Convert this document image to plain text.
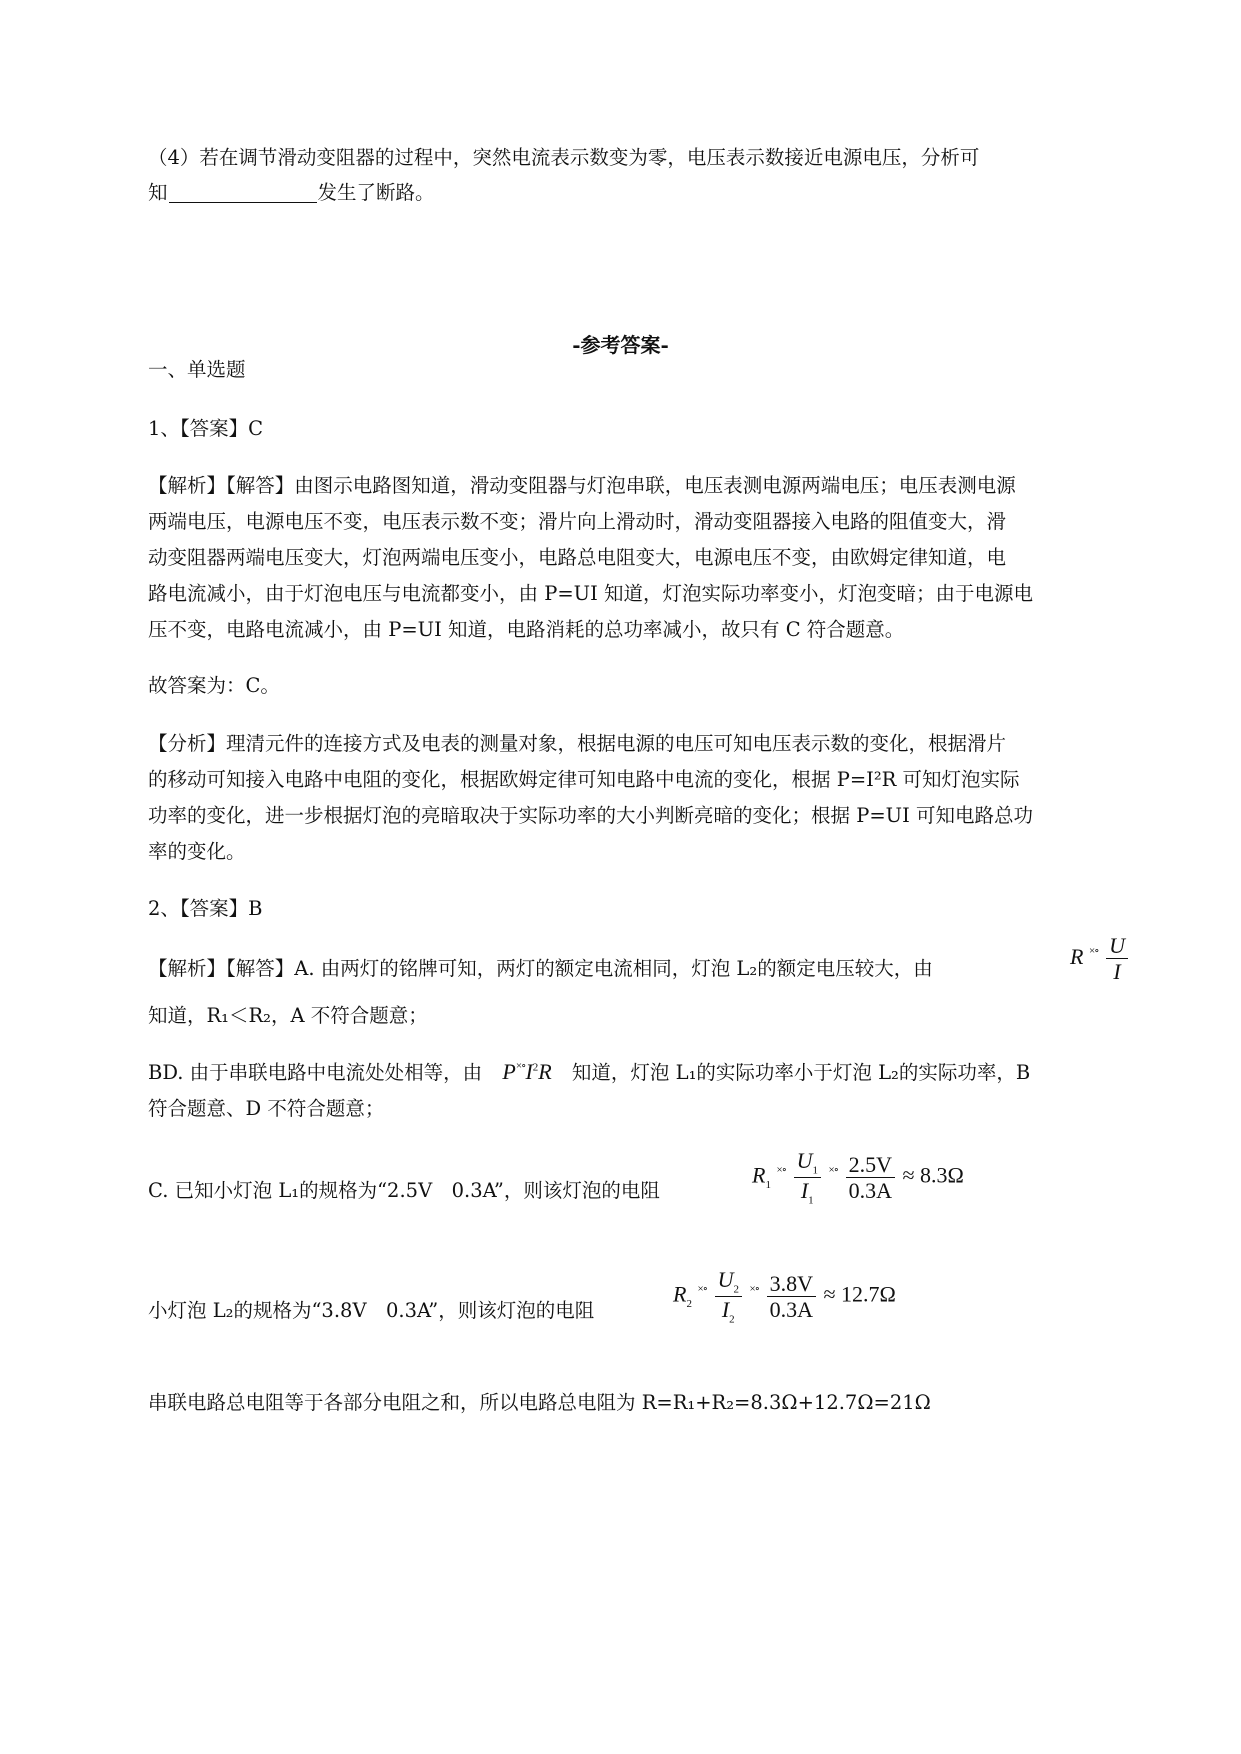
（4）若在调节滑动变阻器的过程中，突然电流表示数变为零，电压表示数接近电源电压，分析可
知	发生了断路。
-参考答案-
一、单选题
1、【答案】C
【解析】【解答】由图示电路图知道，滑动变阻器与灯泡串联，电压表测电源两端电压；电压表测电源
两端电压，电源电压不变，电压表示数不变；滑片向上滑动时，滑动变阻器接入电路的阻值变大，滑
动变阻器两端电压变大，灯泡两端电压变小，电路总电阻变大，电源电压不变，由欧姆定律知道，电
路电流减小，由于灯泡电压与电流都变小，由 P=UI 知道，灯泡实际功率变小，灯泡变暗；由于电源电
压不变，电路电流减小，由 P=UI 知道，电路消耗的总功率减小，故只有 C 符合题意。
故答案为：C。
【分析】理清元件的连接方式及电表的测量对象，根据电源的电压可知电压表示数的变化，根据滑片
的移动可知接入电路中电阻的变化，根据欧姆定律可知电路中电流的变化，根据 P=I²R 可知灯泡实际
功率的变化，进一步根据灯泡的亮暗取决于实际功率的大小判断亮暗的变化；根据 P=UI 可知电路总功
率的变化。
2、【答案】B
【解析】【解答】A. 由两灯的铭牌可知，两灯的额定电流相同，灯泡 L₂的额定电压较大，由	R ×∘ $\frac{U}{I}$
知道，R₁＜R₂，A 不符合题意；
BD. 由于串联电路中电流处处相等，由 $P\times\circ I^2R$ 知道，灯泡 L₁的实际功率小于灯泡 L₂的实际功率，B
符合题意、D 不符合题意；
C. 已知小灯泡 L₁的规格为“2.5V　0.3A”，则该灯泡的电阻
$R_1$ ×∘ $\frac{U_1}{I_1}$ ×∘ $\frac{2.5V}{0.3A} \approx 8.3\Omega$
小灯泡 L₂的规格为“3.8V　0.3A”，则该灯泡的电阻
$R_2$ ×∘ $\frac{U_2}{I_2}$ ×∘ $\frac{3.8V}{0.3A} \approx 12.7\Omega$
串联电路总电阻等于各部分电阻之和，所以电路总电阻为 R=R₁+R₂=8.3Ω+12.7Ω=21Ω
